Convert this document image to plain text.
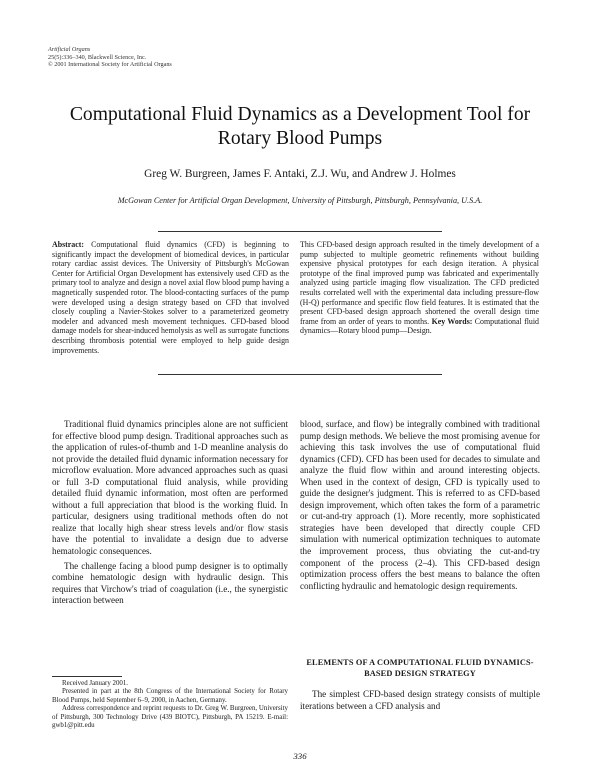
Artificial Organs
25(5):336–340, Blackwell Science, Inc.
© 2001 International Society for Artificial Organs
Computational Fluid Dynamics as a Development Tool for
Rotary Blood Pumps
Greg W. Burgreen, James F. Antaki, Z.J. Wu, and Andrew J. Holmes
McGowan Center for Artificial Organ Development, University of Pittsburgh, Pittsburgh, Pennsylvania, U.S.A.
Abstract: Computational fluid dynamics (CFD) is beginning to significantly impact the development of biomedical devices, in particular rotary cardiac assist devices. The University of Pittsburgh's McGowan Center for Artificial Organ Development has extensively used CFD as the primary tool to analyze and design a novel axial flow blood pump having a magnetically suspended rotor. The blood-contacting surfaces of the pump were developed using a design strategy based on CFD that involved closely coupling a Navier-Stokes solver to a parameterized geometry modeler and advanced mesh movement techniques. CFD-based blood damage models for shear-induced hemolysis as well as surrogate functions describing thrombosis potential were employed to help guide design improvements.
This CFD-based design approach resulted in the timely development of a pump subjected to multiple geometric refinements without building expensive physical prototypes for each design iteration. A physical prototype of the final improved pump was fabricated and experimentally analyzed using particle imaging flow visualization. The CFD predicted results correlated well with the experimental data including pressure-flow (H-Q) performance and specific flow field features. It is estimated that the present CFD-based design approach shortened the overall design time frame from an order of years to months. Key Words: Computational fluid dynamics—Rotary blood pump—Design.

Traditional fluid dynamics principles alone are not sufficient for effective blood pump design. Traditional approaches such as the application of rules-of-thumb and 1-D meanline analysis do not provide the detailed fluid dynamic information necessary for microflow evaluation. More advanced approaches such as quasi or full 3-D computational fluid analysis, while providing detailed fluid dynamic information, most often are performed without a full appreciation that blood is the working fluid. In particular, designers using traditional methods often do not realize that locally high shear stress levels and/or flow stasis have the potential to invalidate a design due to adverse hematologic consequences.

The challenge facing a blood pump designer is to optimally combine hematologic design with hydraulic design. This requires that Virchow's triad of coagulation (i.e., the synergistic interaction between

blood, surface, and flow) be integrally combined with traditional pump design methods. We believe the most promising avenue for achieving this task involves the use of computational fluid dynamics (CFD). CFD has been used for decades to simulate and analyze the fluid flow within and around interesting objects. When used in the context of design, CFD is typically used to guide the designer's judgment. This is referred to as CFD-based design improvement, which often takes the form of a parametric or cut-and-try approach (1). More recently, more sophisticated strategies have been developed that directly couple CFD simulation with numerical optimization techniques to automate the improvement process, thus obviating the cut-and-try component of the process (2–4). This CFD-based design optimization process offers the best means to balance the often conflicting hydraulic and hematologic design requirements.

ELEMENTS OF A COMPUTATIONAL FLUID DYNAMICS-BASED DESIGN STRATEGY

The simplest CFD-based design strategy consists of multiple iterations between a CFD analysis and

Received January 2001.

Presented in part at the 8th Congress of the International Society for Rotary Blood Pumps, held September 6–9, 2000, in Aachen, Germany.

Address correspondence and reprint requests to Dr. Greg W. Burgreen, University of Pittsburgh, 300 Technology Drive (439 BIOTC), Pittsburgh, PA 15219. E-mail: gwb1@pitt.edu

336
